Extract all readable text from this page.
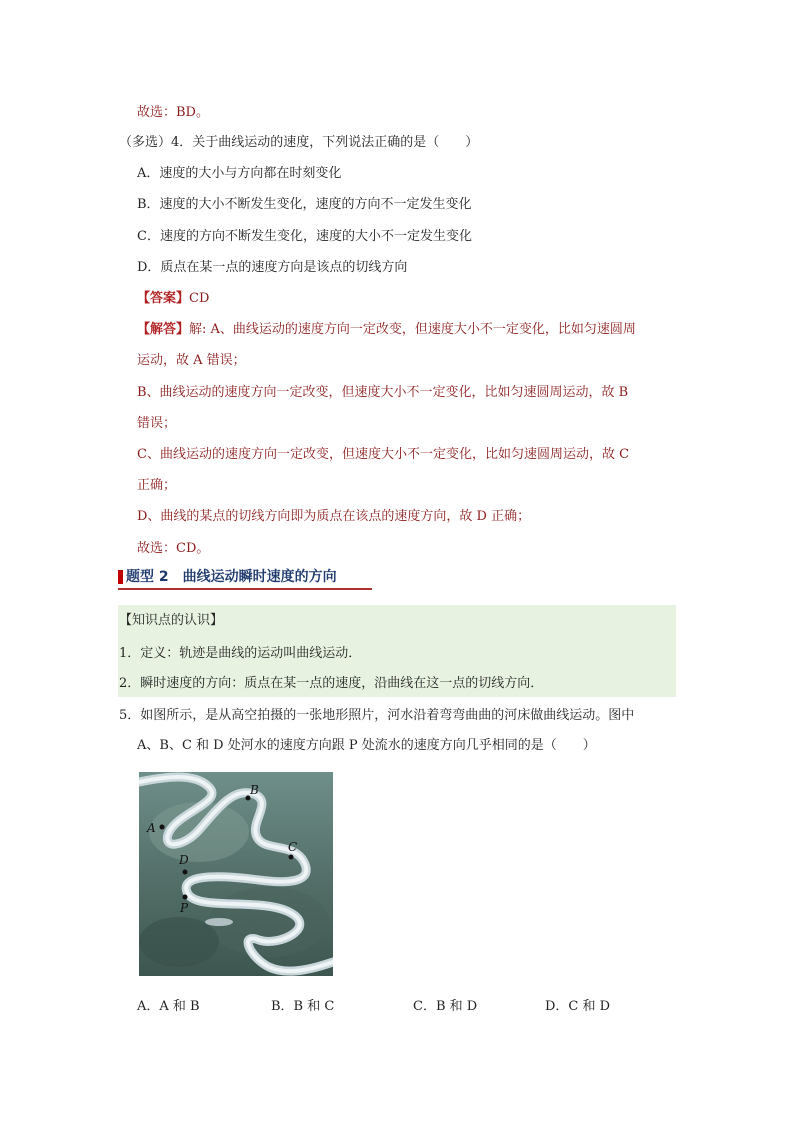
故选：BD。
（多选）4．关于曲线运动的速度，下列说法正确的是（　　）
A．速度的大小与方向都在时刻变化
B．速度的大小不断发生变化，速度的方向不一定发生变化
C．速度的方向不断发生变化，速度的大小不一定发生变化
D．质点在某一点的速度方向是该点的切线方向
【答案】CD
【解答】解: A、曲线运动的速度方向一定改变，但速度大小不一定变化，比如匀速圆周
运动，故 A 错误；
B、曲线运动的速度方向一定改变，但速度大小不一定变化，比如匀速圆周运动，故 B
错误；
C、曲线运动的速度方向一定改变，但速度大小不一定变化，比如匀速圆周运动，故 C
正确；
D、曲线的某点的切线方向即为质点在该点的速度方向，故 D 正确；
故选：CD。
题型 2　曲线运动瞬时速度的方向
【知识点的认识】
1．定义：轨迹是曲线的运动叫曲线运动．
2．瞬时速度的方向：质点在某一点的速度，沿曲线在这一点的切线方向．
5．如图所示，是从高空拍摄的一张地形照片，河水沿着弯弯曲曲的河床做曲线运动。图中
A、B、C 和 D 处河水的速度方向跟 P 处流水的速度方向几乎相同的是（　　）
A
B
C
D
P
A．A 和 B	B．B 和 C	C．B 和 D	D．C 和 D
